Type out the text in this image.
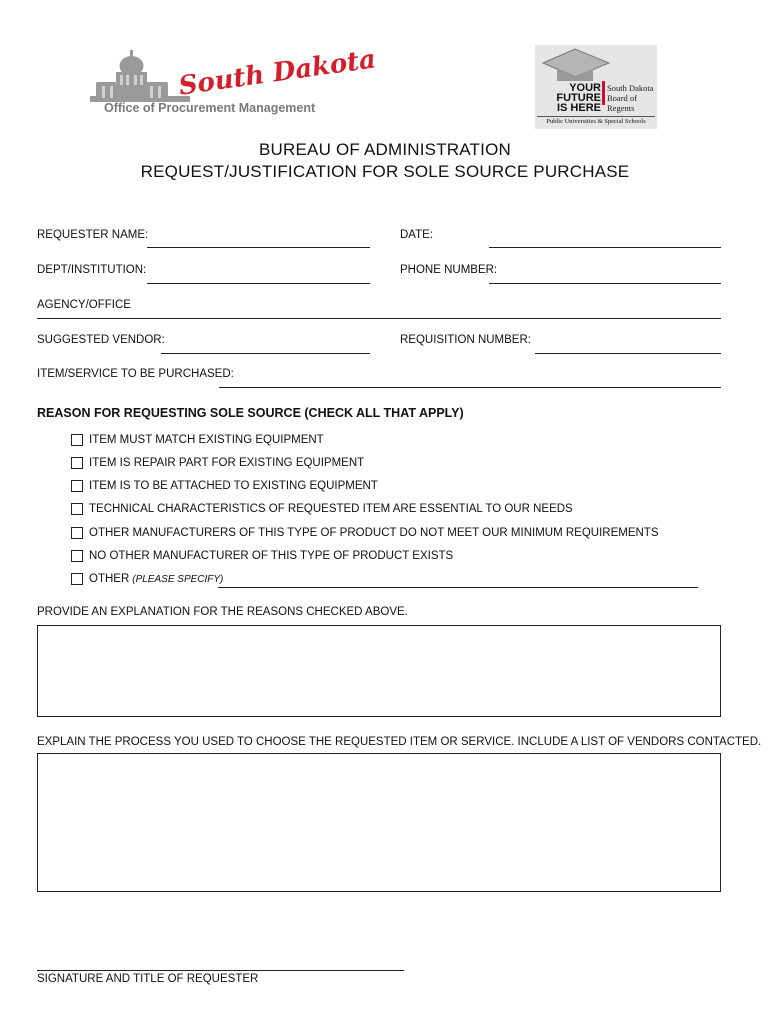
South Dakota
Office of Procurement Management
YOUR
FUTURE
IS HERE
South Dakota
Board of
Regents
Public Universities & Special Schools
BUREAU OF ADMINISTRATION
REQUEST/JUSTIFICATION FOR SOLE SOURCE PURCHASE
REQUESTER NAME:	DATE:
DEPT/INSTITUTION:	PHONE NUMBER:
AGENCY/OFFICE
SUGGESTED VENDOR:	REQUISITION NUMBER:
ITEM/SERVICE TO BE PURCHASED:
REASON FOR REQUESTING SOLE SOURCE (CHECK ALL THAT APPLY)
ITEM MUST MATCH EXISTING EQUIPMENT
ITEM IS REPAIR PART FOR EXISTING EQUIPMENT
ITEM IS TO BE ATTACHED TO EXISTING EQUIPMENT
TECHNICAL CHARACTERISTICS OF REQUESTED ITEM ARE ESSENTIAL TO OUR NEEDS
OTHER MANUFACTURERS OF THIS TYPE OF PRODUCT DO NOT MEET OUR MINIMUM REQUIREMENTS
NO OTHER MANUFACTURER OF THIS TYPE OF PRODUCT EXISTS
OTHER (PLEASE SPECIFY)
PROVIDE AN EXPLANATION FOR THE REASONS CHECKED ABOVE.
EXPLAIN THE PROCESS YOU USED TO CHOOSE THE REQUESTED ITEM OR SERVICE. INCLUDE A LIST OF VENDORS CONTACTED.
SIGNATURE AND TITLE OF REQUESTER
